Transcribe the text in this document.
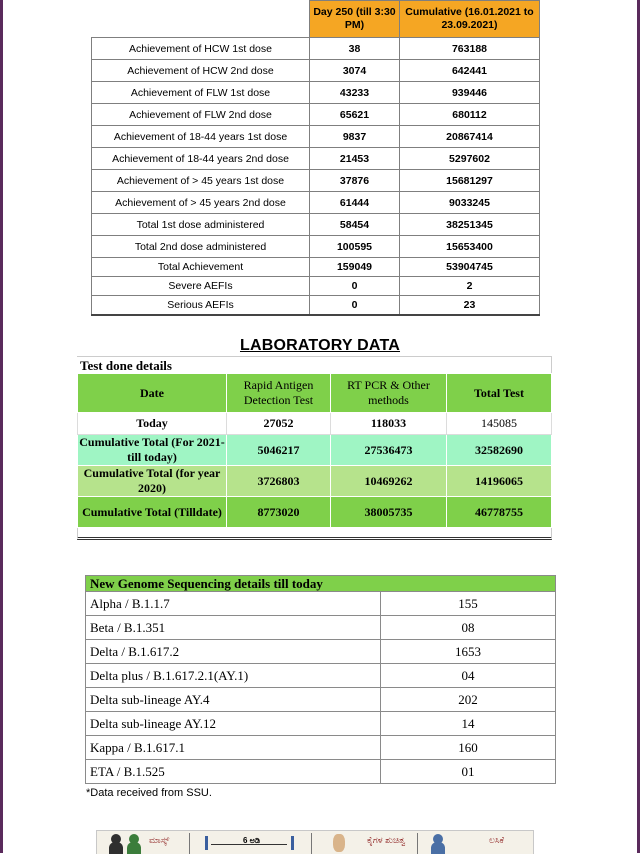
	Day 250 (till 3:30 PM)	Cumulative (16.01.2021 to 23.09.2021)
Achievement of HCW 1st dose	38	763188
Achievement of HCW 2nd dose	3074	642441
Achievement of FLW 1st dose	43233	939446
Achievement of FLW 2nd dose	65621	680112
Achievement of 18-44 years 1st dose	9837	20867414
Achievement of 18-44 years 2nd dose	21453	5297602
Achievement of > 45 years 1st dose	37876	15681297
Achievement of > 45 years 2nd dose	61444	9033245
Total 1st dose administered	58454	38251345
Total 2nd dose administered	100595	15653400
Total Achievement	159049	53904745
Severe AEFIs	0	2
Serious AEFIs	0	23
LABORATORY DATA
Test done details
Date	Rapid Antigen Detection Test	RT PCR & Other methods	Total Test
Today	27052	118033	145085
Cumulative Total (For 2021- till today)	5046217	27536473	32582690
Cumulative Total (for year 2020)	3726803	10469262	14196065
Cumulative Total (Tilldate)	8773020	38005735	46778755
New Genome Sequencing details till today	
Alpha / B.1.1.7	155
Beta / B.1.351	08
Delta / B.1.617.2	1653
Delta plus / B.1.617.2.1(AY.1)	04
Delta sub-lineage AY.4	202
Delta sub-lineage AY.12	14
Kappa / B.1.617.1	160
ETA / B.1.525	01
*Data received from SSU.
ಮಾಸ್ಕ್	6 ಅಡಿ	ಕೈಗಳ ಶುಚಿತ್ವ	ಲಸಿಕೆ
